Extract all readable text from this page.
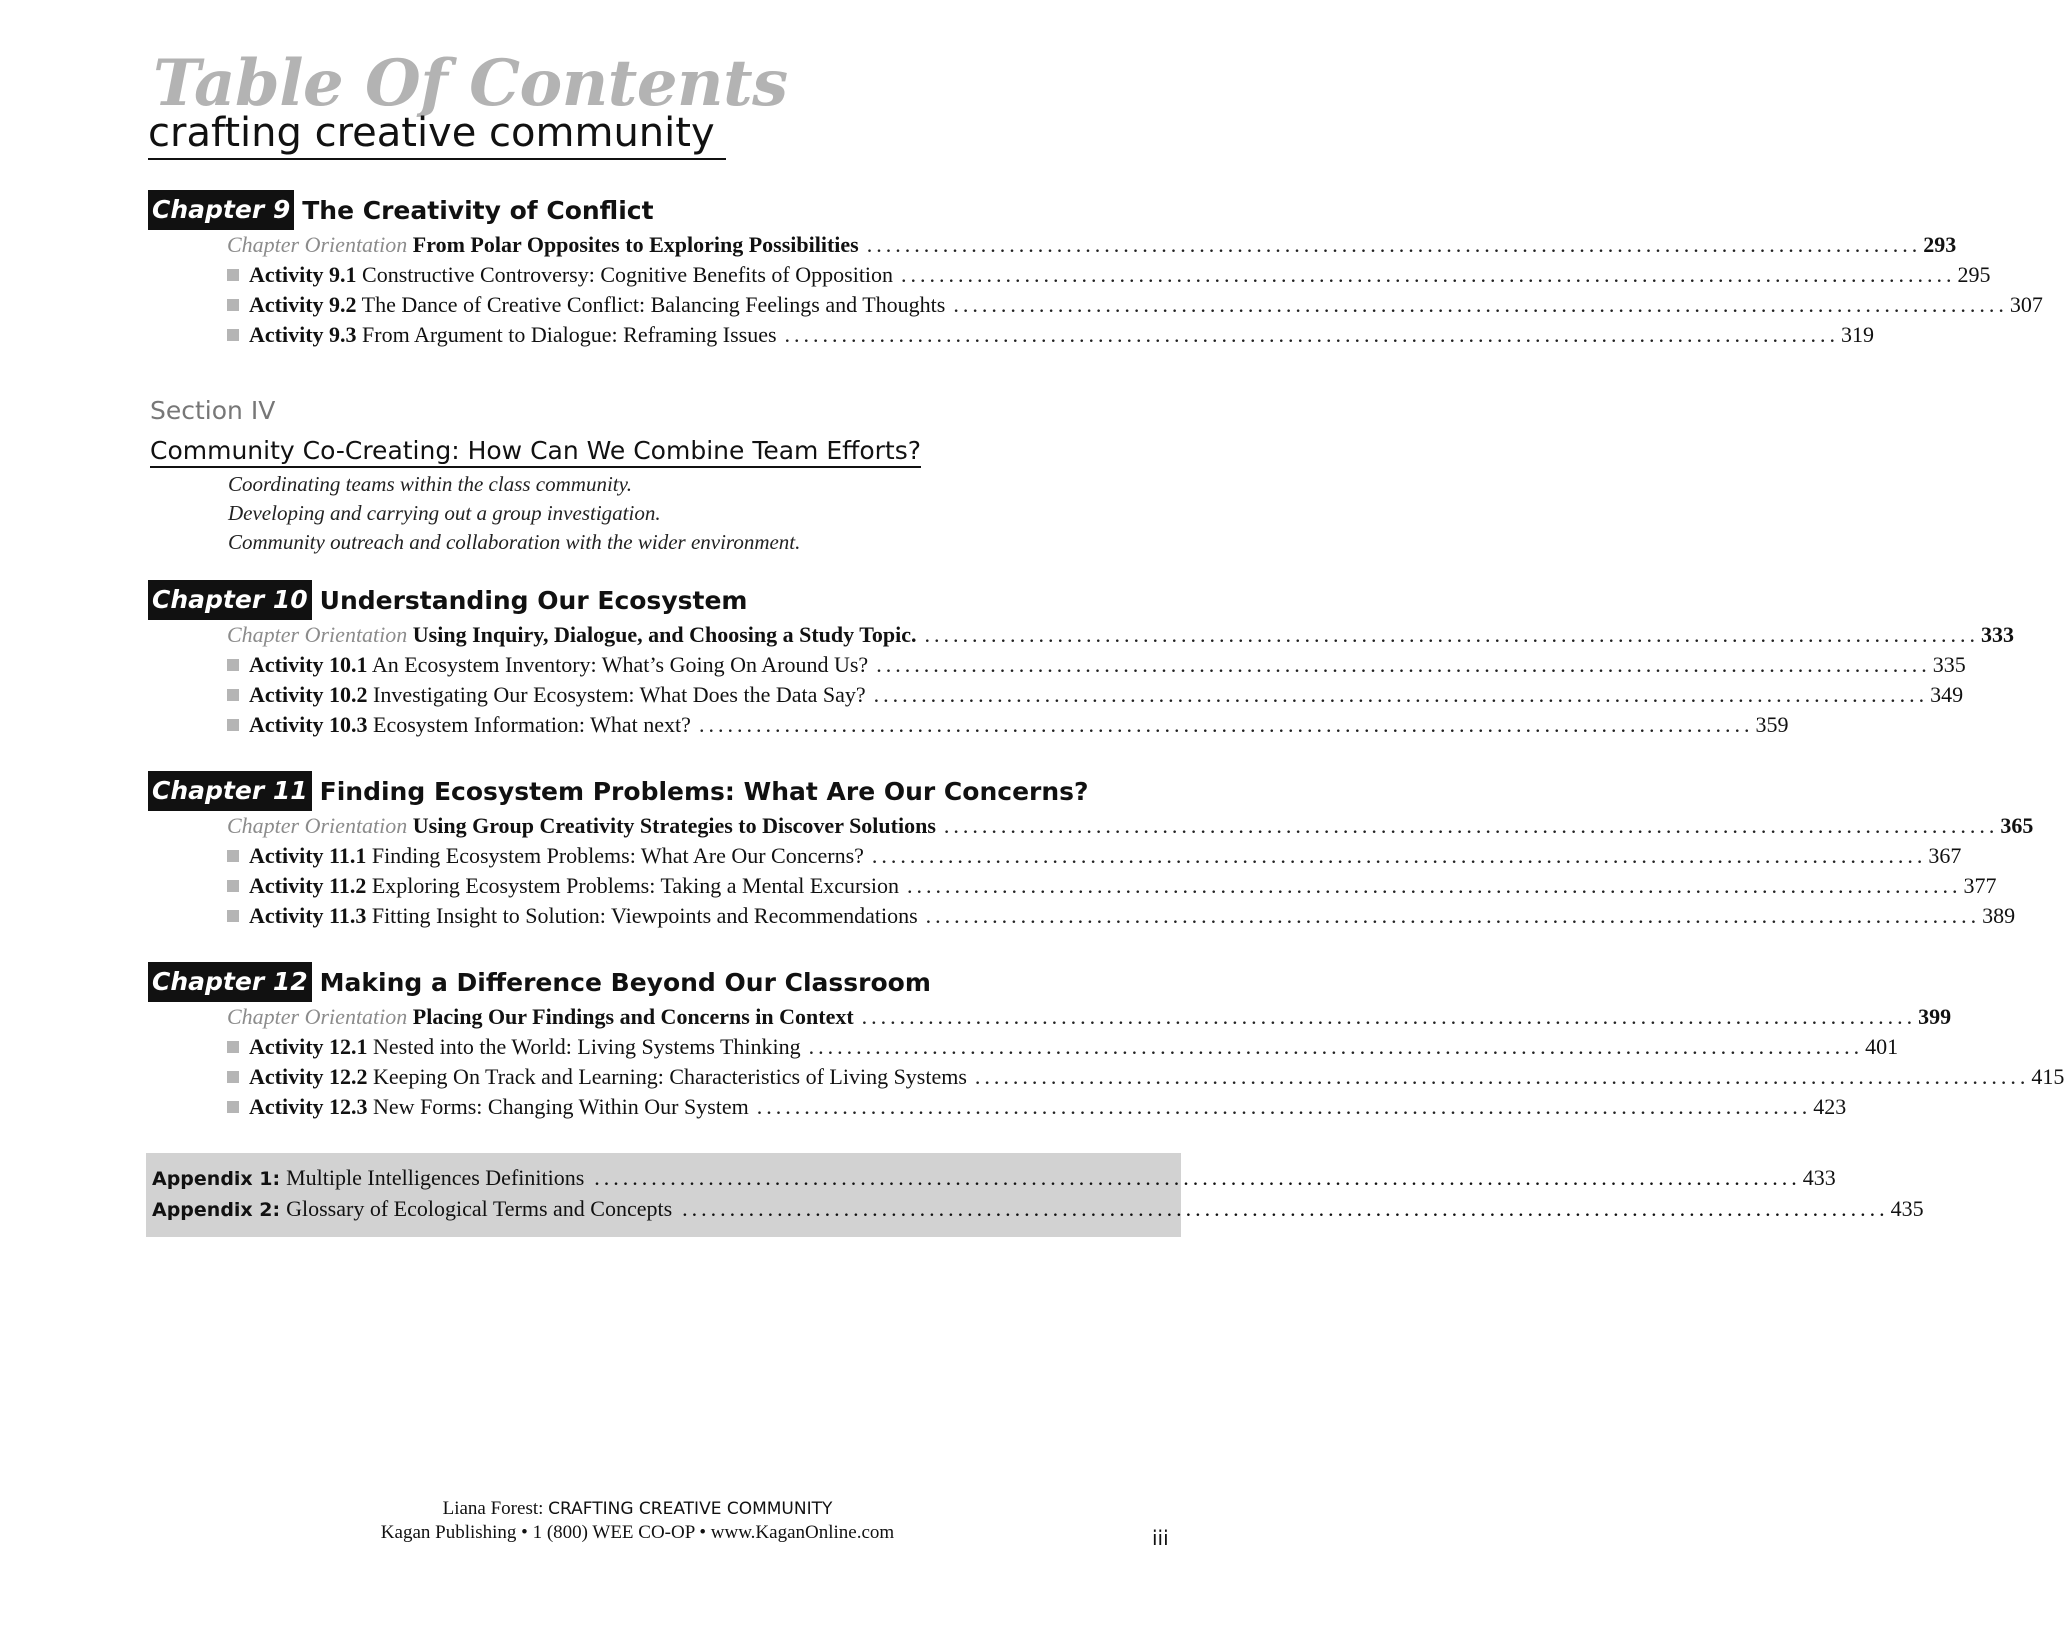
Table Of Contents
crafting creative community
Chapter 9 The Creativity of Conflict
Chapter Orientation From Polar Opposites to Exploring Possibilities ............................................................................................................... 293
Activity 9.1 Constructive Controversy: Cognitive Benefits of Opposition ............................................................................................................... 295
Activity 9.2 The Dance of Creative Conflict: Balancing Feelings and Thoughts ............................................................................................................... 307
Activity 9.3 From Argument to Dialogue: Reframing Issues ............................................................................................................... 319
Section IV
Community Co-Creating: How Can We Combine Team Efforts?
Coordinating teams within the class community.
Developing and carrying out a group investigation.
Community outreach and collaboration with the wider environment.
Chapter 10 Understanding Our Ecosystem
Chapter Orientation Using Inquiry, Dialogue, and Choosing a Study Topic. ............................................................................................................... 333
Activity 10.1 An Ecosystem Inventory: What’s Going On Around Us? ............................................................................................................... 335
Activity 10.2 Investigating Our Ecosystem: What Does the Data Say? ............................................................................................................... 349
Activity 10.3 Ecosystem Information: What next? ............................................................................................................... 359
Chapter 11 Finding Ecosystem Problems: What Are Our Concerns?
Chapter Orientation Using Group Creativity Strategies to Discover Solutions ............................................................................................................... 365
Activity 11.1 Finding Ecosystem Problems: What Are Our Concerns? ............................................................................................................... 367
Activity 11.2 Exploring Ecosystem Problems: Taking a Mental Excursion ............................................................................................................... 377
Activity 11.3 Fitting Insight to Solution: Viewpoints and Recommendations ............................................................................................................... 389
Chapter 12 Making a Difference Beyond Our Classroom
Chapter Orientation Placing Our Findings and Concerns in Context ............................................................................................................... 399
Activity 12.1 Nested into the World: Living Systems Thinking ............................................................................................................... 401
Activity 12.2 Keeping On Track and Learning: Characteristics of Living Systems ............................................................................................................... 415
Activity 12.3 New Forms: Changing Within Our System ............................................................................................................... 423
Appendix 1: Multiple Intelligences Definitions ............................................................................................................................... 433
Appendix 2: Glossary of Ecological Terms and Concepts ............................................................................................................................... 435
Liana Forest: CRAFTING CREATIVE COMMUNITY
Kagan Publishing • 1 (800) WEE CO-OP • www.KaganOnline.com	iii
